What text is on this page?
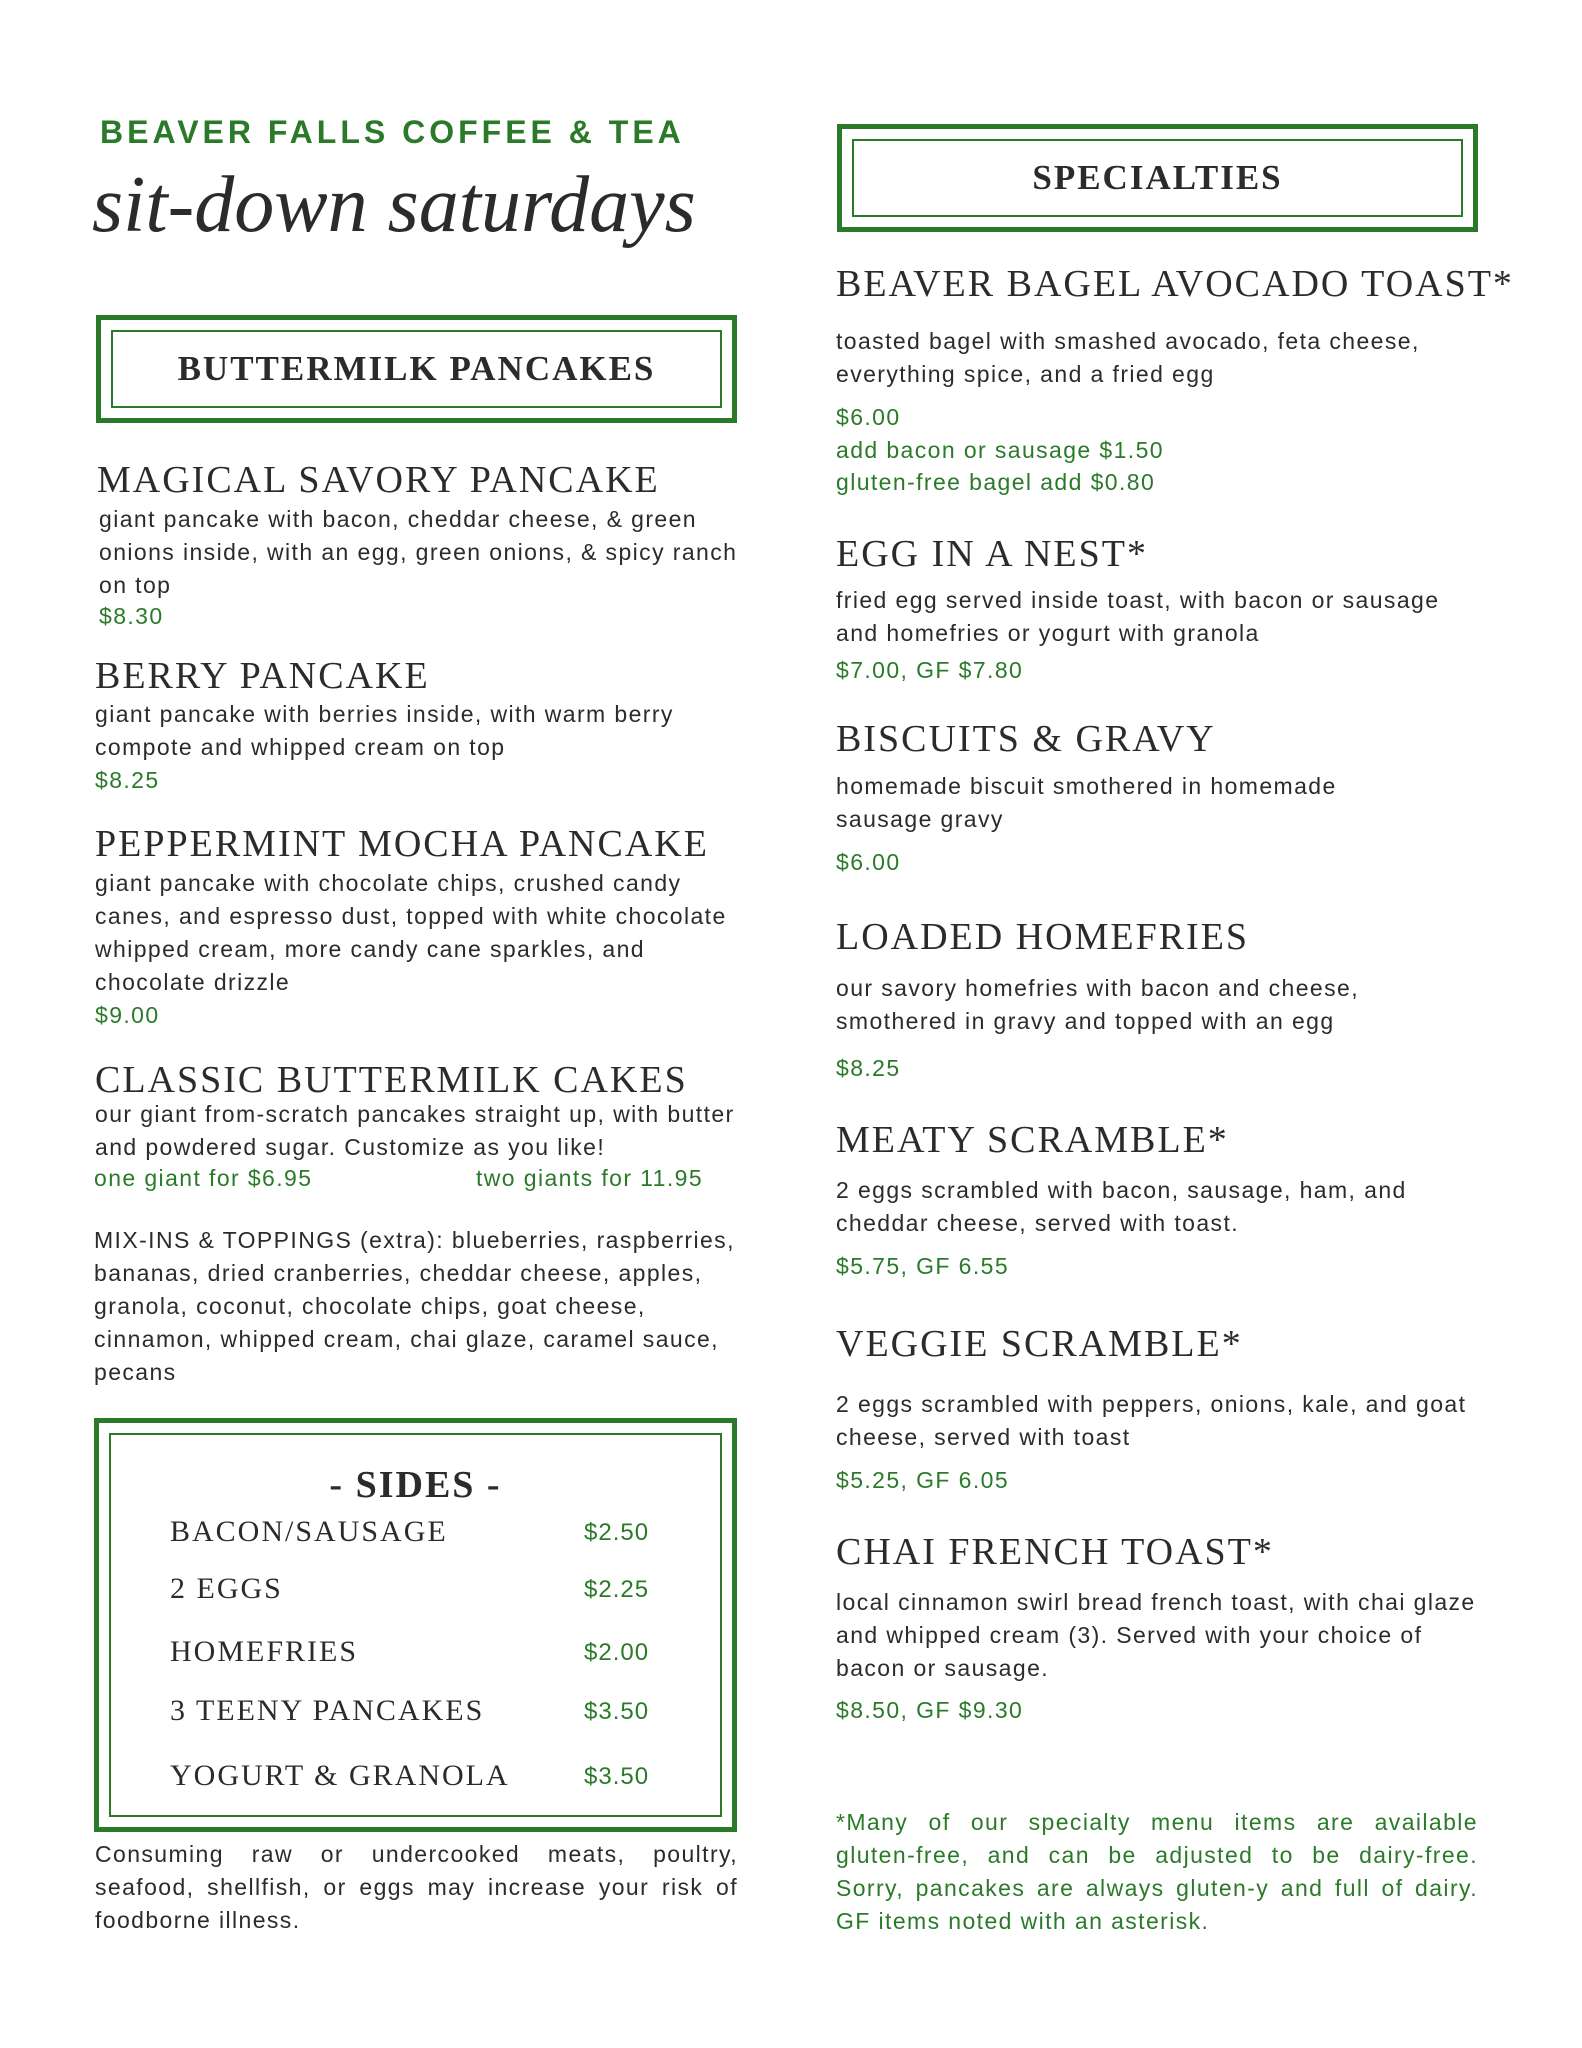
BEAVER FALLS COFFEE & TEA
sit-down saturdays
BUTTERMILK PANCAKES
MAGICAL SAVORY PANCAKE
giant pancake with bacon, cheddar cheese, & green onions inside, with an egg, green onions, & spicy ranch on top
$8.30
BERRY PANCAKE
giant pancake with berries inside, with warm berry compote and whipped cream on top
$8.25
PEPPERMINT MOCHA PANCAKE
giant pancake with chocolate chips, crushed candy canes, and espresso dust, topped with white chocolate whipped cream, more candy cane sparkles, and chocolate drizzle
$9.00
CLASSIC BUTTERMILK CAKES
our giant from-scratch pancakes straight up, with butter and powdered sugar. Customize as you like!
one giant for $6.95	two giants for 11.95
MIX-INS & TOPPINGS (extra): blueberries, raspberries, bananas, dried cranberries, cheddar cheese, apples, granola, coconut, chocolate chips, goat cheese, cinnamon, whipped cream, chai glaze, caramel sauce, pecans
- SIDES -
BACON/SAUSAGE	$2.50
2 EGGS	$2.25
HOMEFRIES	$2.00
3 TEENY PANCAKES	$3.50
YOGURT & GRANOLA	$3.50
Consuming raw or undercooked meats, poultry, seafood, shellfish, or eggs may increase your risk of foodborne illness.
SPECIALTIES
BEAVER BAGEL AVOCADO TOAST*
toasted bagel with smashed avocado, feta cheese, everything spice, and a fried egg
$6.00
add bacon or sausage $1.50
gluten-free bagel add $0.80
EGG IN A NEST*
fried egg served inside toast, with bacon or sausage and homefries or yogurt with granola
$7.00, GF $7.80
BISCUITS & GRAVY
homemade biscuit smothered in homemade sausage gravy
$6.00
LOADED HOMEFRIES
our savory homefries with bacon and cheese, smothered in gravy and topped with an egg
$8.25
MEATY SCRAMBLE*
2 eggs scrambled with bacon, sausage, ham, and cheddar cheese, served with toast.
$5.75, GF 6.55
VEGGIE SCRAMBLE*
2 eggs scrambled with peppers, onions, kale, and goat cheese, served with toast
$5.25, GF 6.05
CHAI FRENCH TOAST*
local cinnamon swirl bread french toast, with chai glaze and whipped cream (3). Served with your choice of bacon or sausage.
$8.50, GF $9.30
*Many of our specialty menu items are available gluten-free, and can be adjusted to be dairy-free. Sorry, pancakes are always gluten-y and full of dairy. GF items noted with an asterisk.
